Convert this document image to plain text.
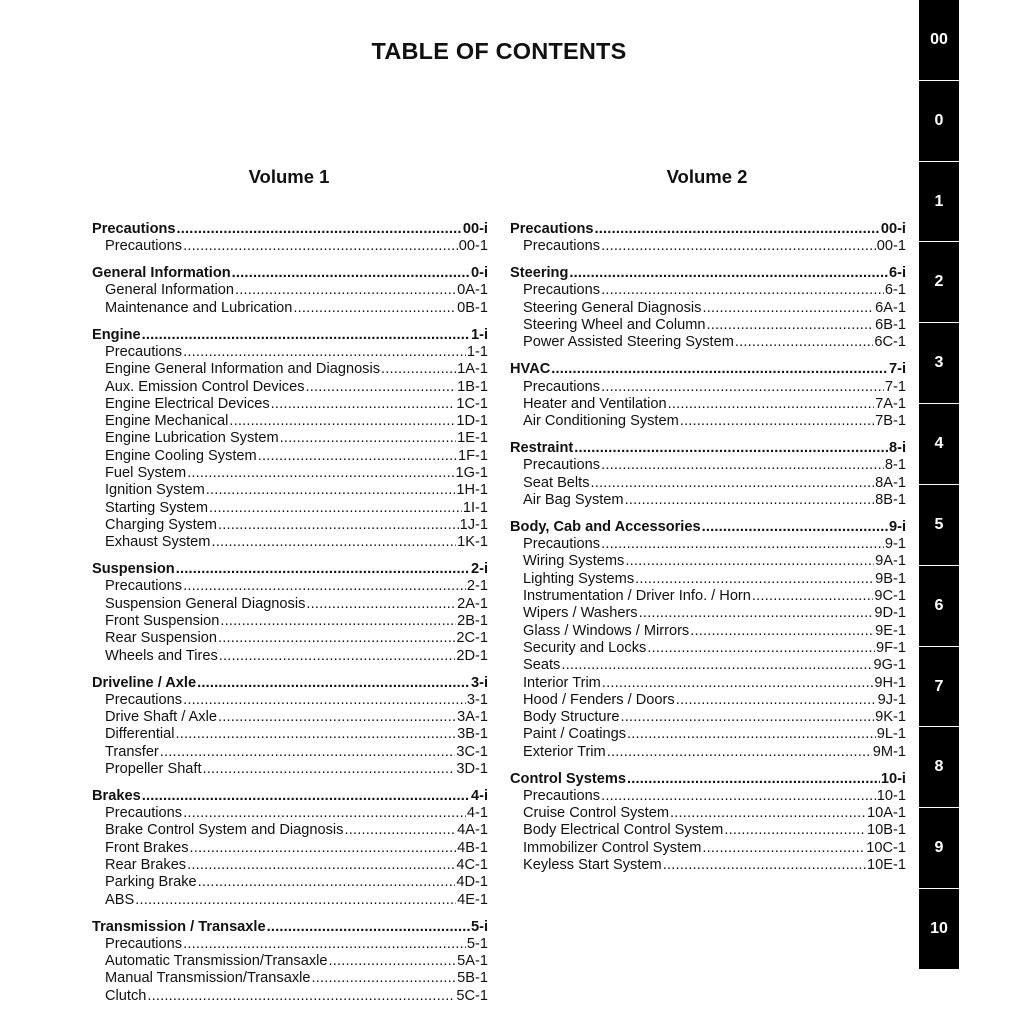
TABLE OF CONTENTS
Volume 1	Volume 2
Precautions .....	00-i
Precautions .....	00-1
General Information .....	0-i
General Information .....	0A-1
Maintenance and Lubrication .....	0B-1
Engine .....	1-i
Precautions .....	1-1
Engine General Information and Diagnosis .....	1A-1
Aux. Emission Control Devices .....	1B-1
Engine Electrical Devices .....	1C-1
Engine Mechanical .....	1D-1
Engine Lubrication System .....	1E-1
Engine Cooling System .....	1F-1
Fuel System .....	1G-1
Ignition System .....	1H-1
Starting System .....	1I-1
Charging System .....	1J-1
Exhaust System .....	1K-1
Suspension .....	2-i
Precautions .....	2-1
Suspension General Diagnosis .....	2A-1
Front Suspension .....	2B-1
Rear Suspension .....	2C-1
Wheels and Tires .....	2D-1
Driveline / Axle .....	3-i
Precautions .....	3-1
Drive Shaft / Axle .....	3A-1
Differential .....	3B-1
Transfer .....	3C-1
Propeller Shaft .....	3D-1
Brakes .....	4-i
Precautions .....	4-1
Brake Control System and Diagnosis .....	4A-1
Front Brakes .....	4B-1
Rear Brakes .....	4C-1
Parking Brake .....	4D-1
ABS .....	4E-1
Transmission / Transaxle .....	5-i
Precautions .....	5-1
Automatic Transmission/Transaxle .....	5A-1
Manual Transmission/Transaxle .....	5B-1
Clutch .....	5C-1
Precautions .....	00-i
Precautions .....	00-1
Steering .....	6-i
Precautions .....	6-1
Steering General Diagnosis .....	6A-1
Steering Wheel and Column .....	6B-1
Power Assisted Steering System .....	6C-1
HVAC .....	7-i
Precautions .....	7-1
Heater and Ventilation .....	7A-1
Air Conditioning System .....	7B-1
Restraint .....	8-i
Precautions .....	8-1
Seat Belts .....	8A-1
Air Bag System .....	8B-1
Body, Cab and Accessories .....	9-i
Precautions .....	9-1
Wiring Systems .....	9A-1
Lighting Systems .....	9B-1
Instrumentation / Driver Info. / Horn .....	9C-1
Wipers / Washers .....	9D-1
Glass / Windows / Mirrors .....	9E-1
Security and Locks .....	9F-1
Seats .....	9G-1
Interior Trim .....	9H-1
Hood / Fenders / Doors .....	9J-1
Body Structure .....	9K-1
Paint / Coatings .....	9L-1
Exterior Trim .....	9M-1
Control Systems .....	10-i
Precautions .....	10-1
Cruise Control System .....	10A-1
Body Electrical Control System .....	10B-1
Immobilizer Control System .....	10C-1
Keyless Start System .....	10E-1
00
0
1
2
3
4
5
6
7
8
9
10
